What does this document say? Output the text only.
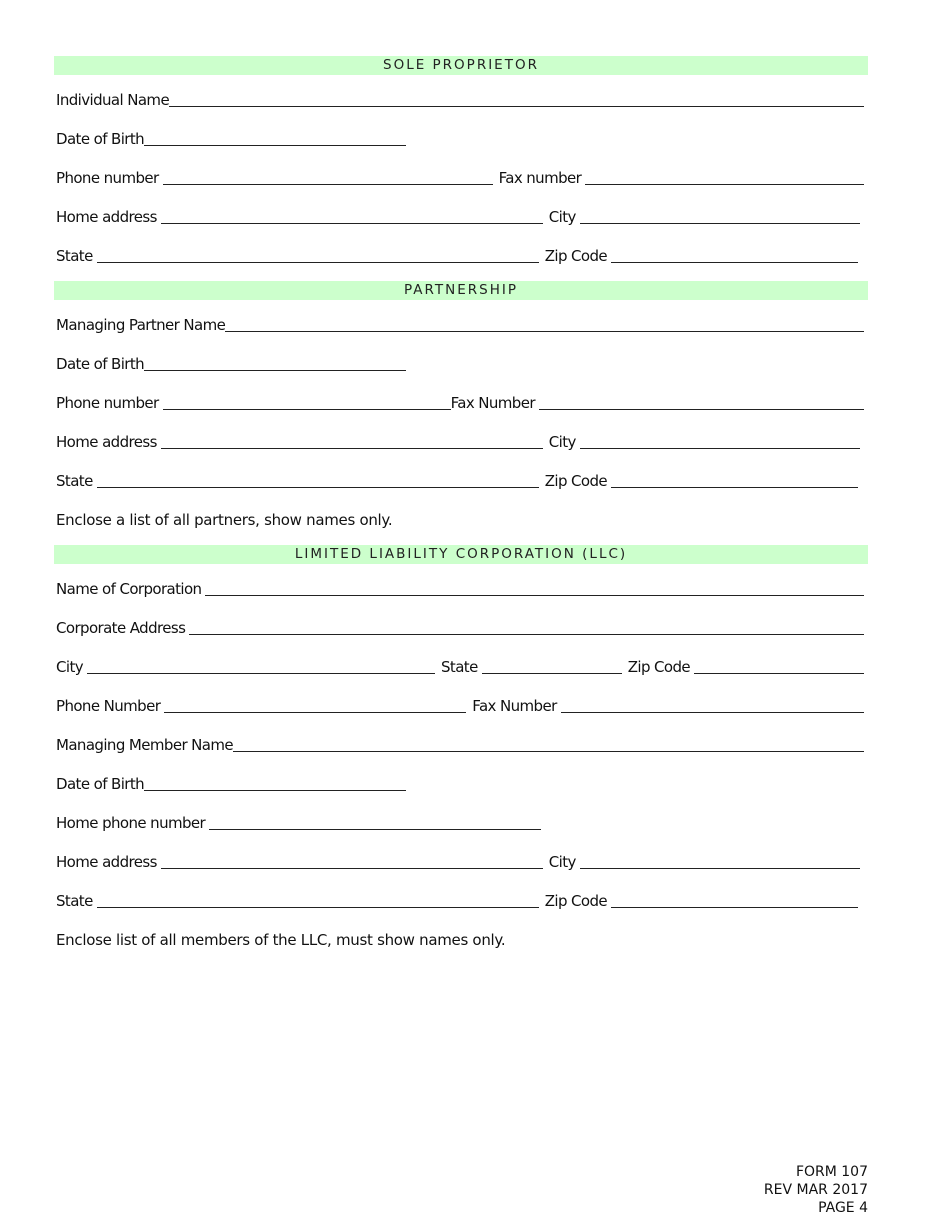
SOLE PROPRIETOR
Individual Name
Date of Birth
Phone number	Fax number
Home address	City
State	Zip Code
PARTNERSHIP
Managing Partner Name
Date of Birth
Phone number	Fax Number
Home address	City
State	Zip Code
Enclose a list of all partners, show names only.
LIMITED LIABILITY CORPORATION (LLC)
Name of Corporation
Corporate Address
City	State	Zip Code
Phone Number	Fax Number
Managing Member Name
Date of Birth
Home phone number
Home address	City
State	Zip Code
Enclose list of all members of the LLC, must show names only.
FORM 107
REV MAR 2017
PAGE 4
